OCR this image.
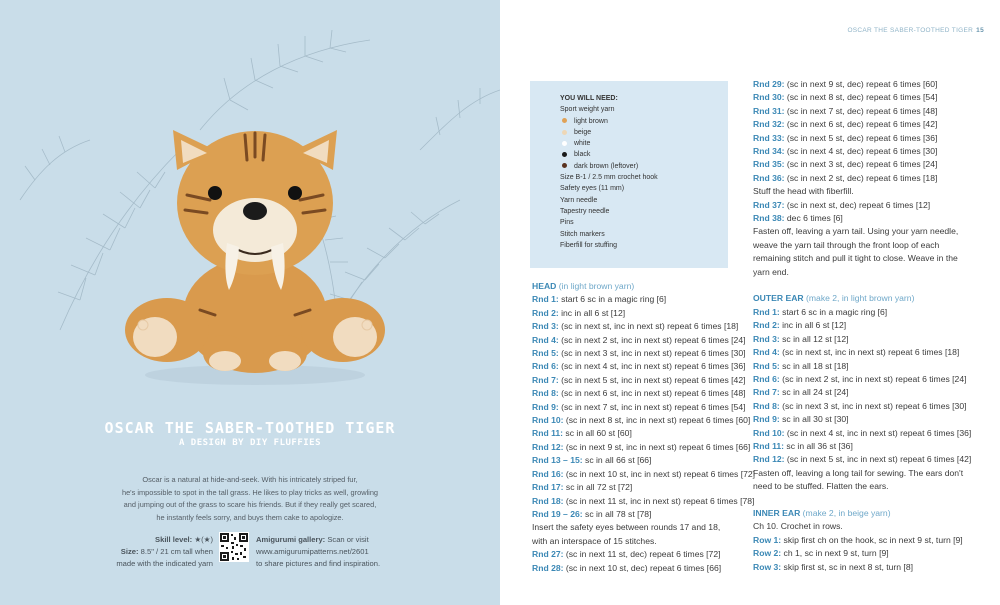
OSCAR THE SABER-TOOTHED TIGER
A DESIGN BY DIY FLUFFIES

Oscar is a natural at hide-and-seek. With his intricately striped fur,

he's impossible to spot in the tall grass. He likes to play tricks as well, growling

and jumping out of the grass to scare his friends. But if they really get scared,

he instantly feels sorry, and buys them cake to apologize.

Skill level: ★(★)
Size: 8.5" / 21 cm tall when
made with the indicated yarn
Amigurumi gallery: Scan or visit
www.amigurumipatterns.net/2601
to share pictures and find inspiration.
OSCAR THE SABER-TOOTHED TIGER 15
YOU WILL NEED:
Sport weight yarn
light brown
beige
white
black
dark brown (leftover)
Size B-1 / 2.5 mm crochet hook
Safety eyes (11 mm)
Yarn needle
Tapestry needle
Pins
Stitch markers
Fiberfill for stuffing
HEAD (in light brown yarn)
Rnd 1: start 6 sc in a magic ring [6]
Rnd 2: inc in all 6 st [12]
Rnd 3: (sc in next st, inc in next st) repeat 6 times [18]
Rnd 4: (sc in next 2 st, inc in next st) repeat 6 times [24]
Rnd 5: (sc in next 3 st, inc in next st) repeat 6 times [30]
Rnd 6: (sc in next 4 st, inc in next st) repeat 6 times [36]
Rnd 7: (sc in next 5 st, inc in next st) repeat 6 times [42]
Rnd 8: (sc in next 6 st, inc in next st) repeat 6 times [48]
Rnd 9: (sc in next 7 st, inc in next st) repeat 6 times [54]
Rnd 10: (sc in next 8 st, inc in next st) repeat 6 times [60]
Rnd 11: sc in all 60 st [60]
Rnd 12: (sc in next 9 st, inc in next st) repeat 6 times [66]
Rnd 13 – 15: sc in all 66 st [66]
Rnd 16: (sc in next 10 st, inc in next st) repeat 6 times [72]
Rnd 17: sc in all 72 st [72]
Rnd 18: (sc in next 11 st, inc in next st) repeat 6 times [78]
Rnd 19 – 26: sc in all 78 st [78]
Insert the safety eyes between rounds 17 and 18,
with an interspace of 15 stitches.
Rnd 27: (sc in next 11 st, dec) repeat 6 times [72]
Rnd 28: (sc in next 10 st, dec) repeat 6 times [66]
Rnd 29: (sc in next 9 st, dec) repeat 6 times [60]
Rnd 30: (sc in next 8 st, dec) repeat 6 times [54]
Rnd 31: (sc in next 7 st, dec) repeat 6 times [48]
Rnd 32: (sc in next 6 st, dec) repeat 6 times [42]
Rnd 33: (sc in next 5 st, dec) repeat 6 times [36]
Rnd 34: (sc in next 4 st, dec) repeat 6 times [30]
Rnd 35: (sc in next 3 st, dec) repeat 6 times [24]
Rnd 36: (sc in next 2 st, dec) repeat 6 times [18]
Stuff the head with fiberfill.
Rnd 37: (sc in next st, dec) repeat 6 times [12]
Rnd 38: dec 6 times [6]
Fasten off, leaving a yarn tail. Using your yarn needle,
weave the yarn tail through the front loop of each
remaining stitch and pull it tight to close. Weave in the
yarn end.
OUTER EAR (make 2, in light brown yarn)
Rnd 1: start 6 sc in a magic ring [6]
Rnd 2: inc in all 6 st [12]
Rnd 3: sc in all 12 st [12]
Rnd 4: (sc in next st, inc in next st) repeat 6 times [18]
Rnd 5: sc in all 18 st [18]
Rnd 6: (sc in next 2 st, inc in next st) repeat 6 times [24]
Rnd 7: sc in all 24 st [24]
Rnd 8: (sc in next 3 st, inc in next st) repeat 6 times [30]
Rnd 9: sc in all 30 st [30]
Rnd 10: (sc in next 4 st, inc in next st) repeat 6 times [36]
Rnd 11: sc in all 36 st [36]
Rnd 12: (sc in next 5 st, inc in next st) repeat 6 times [42]
Fasten off, leaving a long tail for sewing. The ears don't
need to be stuffed. Flatten the ears.
INNER EAR (make 2, in beige yarn)
Ch 10. Crochet in rows.
Row 1: skip first ch on the hook, sc in next 9 st, turn [9]
Row 2: ch 1, sc in next 9 st, turn [9]
Row 3: skip first st, sc in next 8 st, turn [8]
